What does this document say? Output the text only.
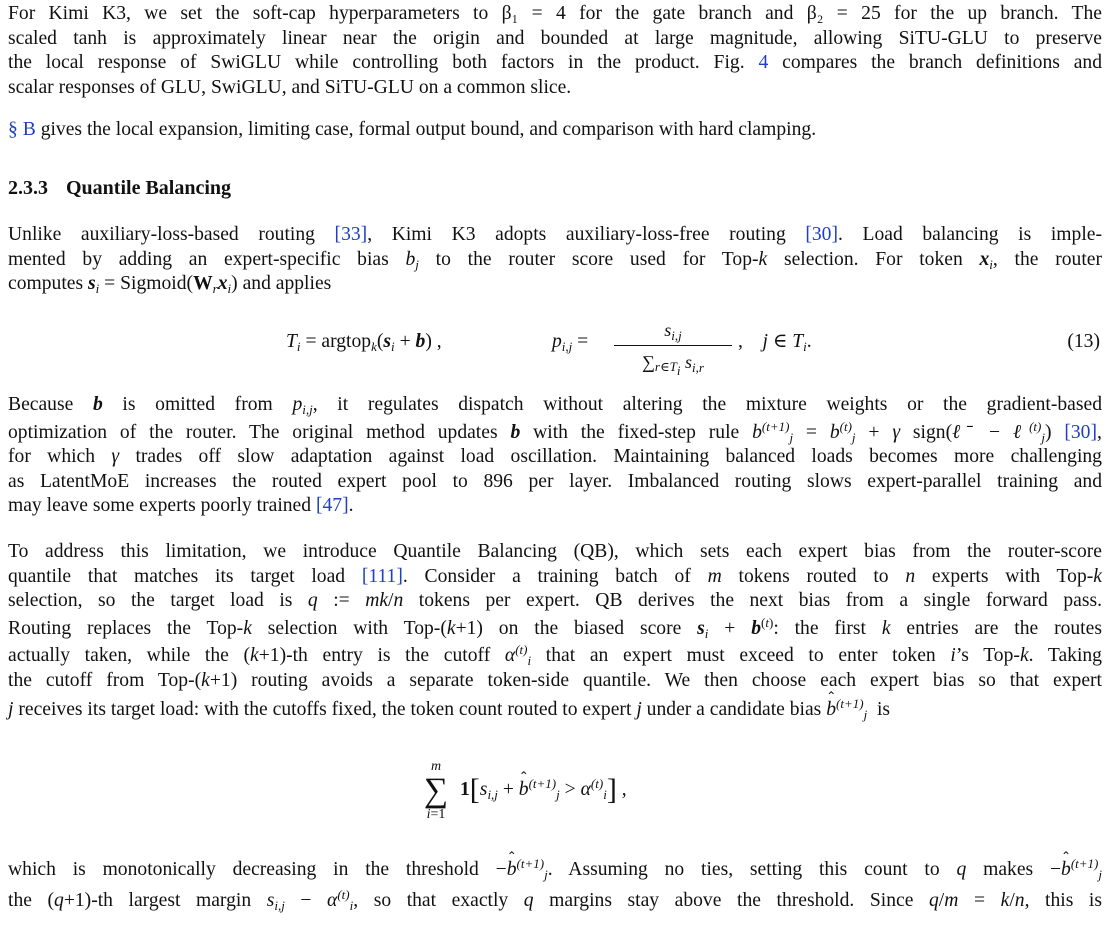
For Kimi K3, we set the soft-cap hyperparameters to β₁ = 4 for the gate branch and β₂ = 25 for the up branch. The
scaled tanh is approximately linear near the origin and bounded at large magnitude, allowing SiTU-GLU to preserve
the local response of SwiGLU while controlling both factors in the product. Fig. 4 compares the branch definitions and
scalar responses of GLU, SwiGLU, and SiTU-GLU on a common slice.
§ B gives the local expansion, limiting case, formal output bound, and comparison with hard clamping.
2.3.3 Quantile Balancing
Unlike auxiliary-loss-based routing [33], Kimi K3 adopts auxiliary-loss-free routing [30]. Load balancing is imple-
mented by adding an expert-specific bias $b_j$ to the router score used for Top-k selection. For token $x_i$, the router
computes $s_i$ = $Sigmoid(W_rx_i)$ and applies
$T_i$ = $argtop_k(s_i + b)$ ,	$p_{i,j}$ =
$s_{i,j}$
$\sum_{r\in T_i}$ $s_{i,r}$
,    j ∈ $T_i$.	(13)
Because b is omitted from $p_{i,j}$, it regulates dispatch without altering the mixture weights or the gradient-based
optimization of the router. The original method updates b with the fixed-step rule $b^{(t+1)}_j = b^{(t)}_j + \gamma$ sign(ℓ̄ − ℓ$^{(t)}_j$) [30],
for which γ trades off slow adaptation against load oscillation. Maintaining balanced loads becomes more challenging
as LatentMoE increases the routed expert pool to 896 per layer. Imbalanced routing slows expert-parallel training and
may leave some experts poorly trained [47].
To address this limitation, we introduce Quantile Balancing (QB), which sets each expert bias from the router-score
quantile that matches its target load [111]. Consider a training batch of m tokens routed to n experts with Top-k
selection, so the target load is q := mk/n tokens per expert. QB derives the next bias from a single forward pass.
Routing replaces the Top-k selection with Top-(k+1) on the biased score $s_i + b^{(t)}$: the first k entries are the routes
actually taken, while the (k+1)-th entry is the cutoff $\alpha^{(t)}_i$ that an expert must exceed to enter token i’s Top-k. Taking
the cutoff from Top-(k+1) routing avoids a separate token-side quantile. We then choose each expert bias so that expert
j receives its target load: with the cutoffs fixed, the token count routed to expert j under a candidate bias ⌃ $b^{(t+1)}_j$ is
m
∑
i=1
$1[s_{i,j}$ + ⌃ $b^{(t+1)}_j > \alpha^{(t)}_i$] ,
which is monotonically decreasing in the threshold −⌃ $b^{(t+1)}_j$. Assuming no ties, setting this count to q makes −⌃ $b^{(t+1)}_j$
the (q+1)-th largest margin $s_{i,j} - \alpha^{(t)}_i$, so that exactly q margins stay above the threshold. Since q/m = k/n, this is
